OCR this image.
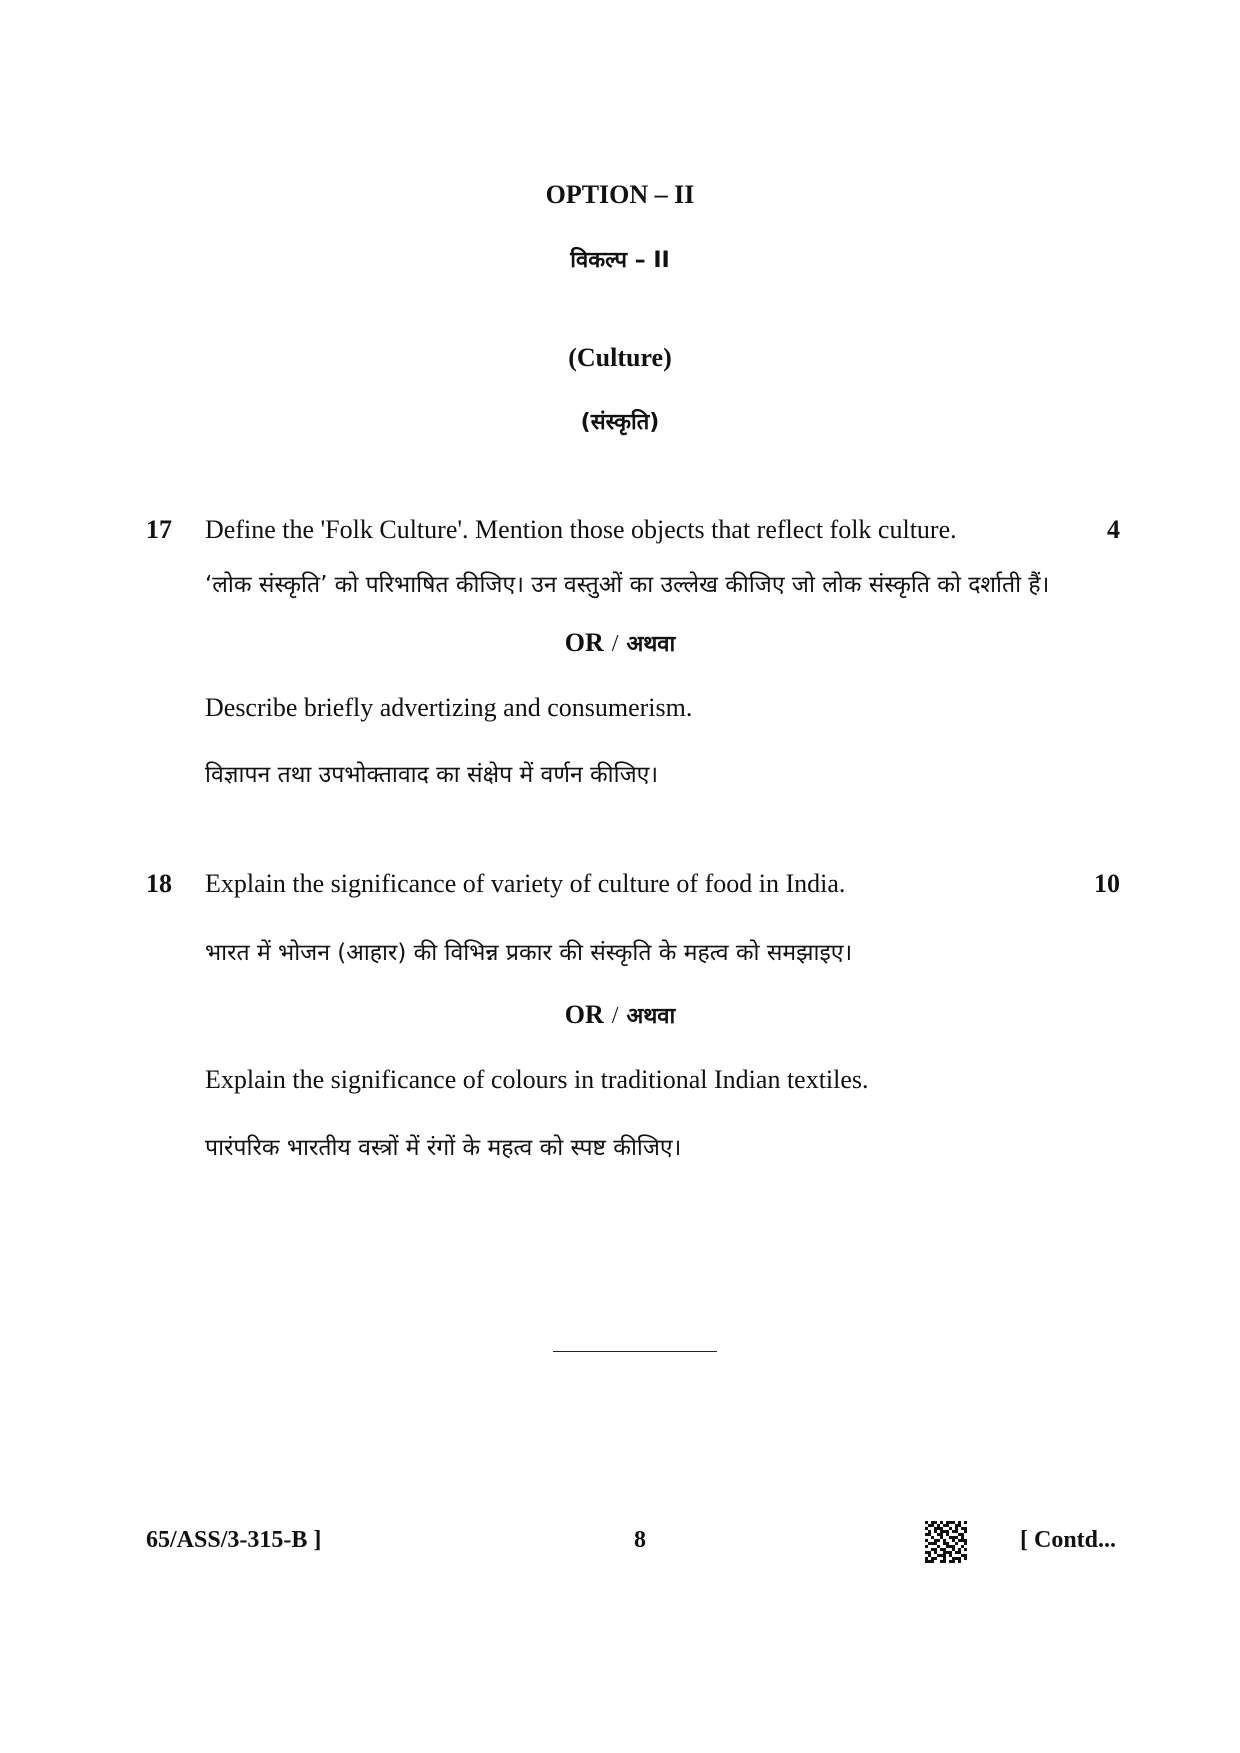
OPTION – II
विकल्प – II
(Culture)
(संस्कृति)
17 Define the 'Folk Culture'. Mention those objects that reflect folk culture.	4
‘लोक संस्कृति’ को परिभाषित कीजिए। उन वस्तुओं का उल्लेख कीजिए जो लोक संस्कृति को दर्शाती हैं।
OR / अथवा
Describe briefly advertizing and consumerism.
विज्ञापन तथा उपभोक्तावाद का संक्षेप में वर्णन कीजिए।
18 Explain the significance of variety of culture of food in India.	10
भारत में भोजन (आहार) की विभिन्न प्रकार की संस्कृति के महत्व को समझाइए।
OR / अथवा
Explain the significance of colours in traditional Indian textiles.
पारंपरिक भारतीय वस्त्रों में रंगों के महत्व को स्पष्ट कीजिए।
65/ASS/3-315-B ]	8	[ Contd...
